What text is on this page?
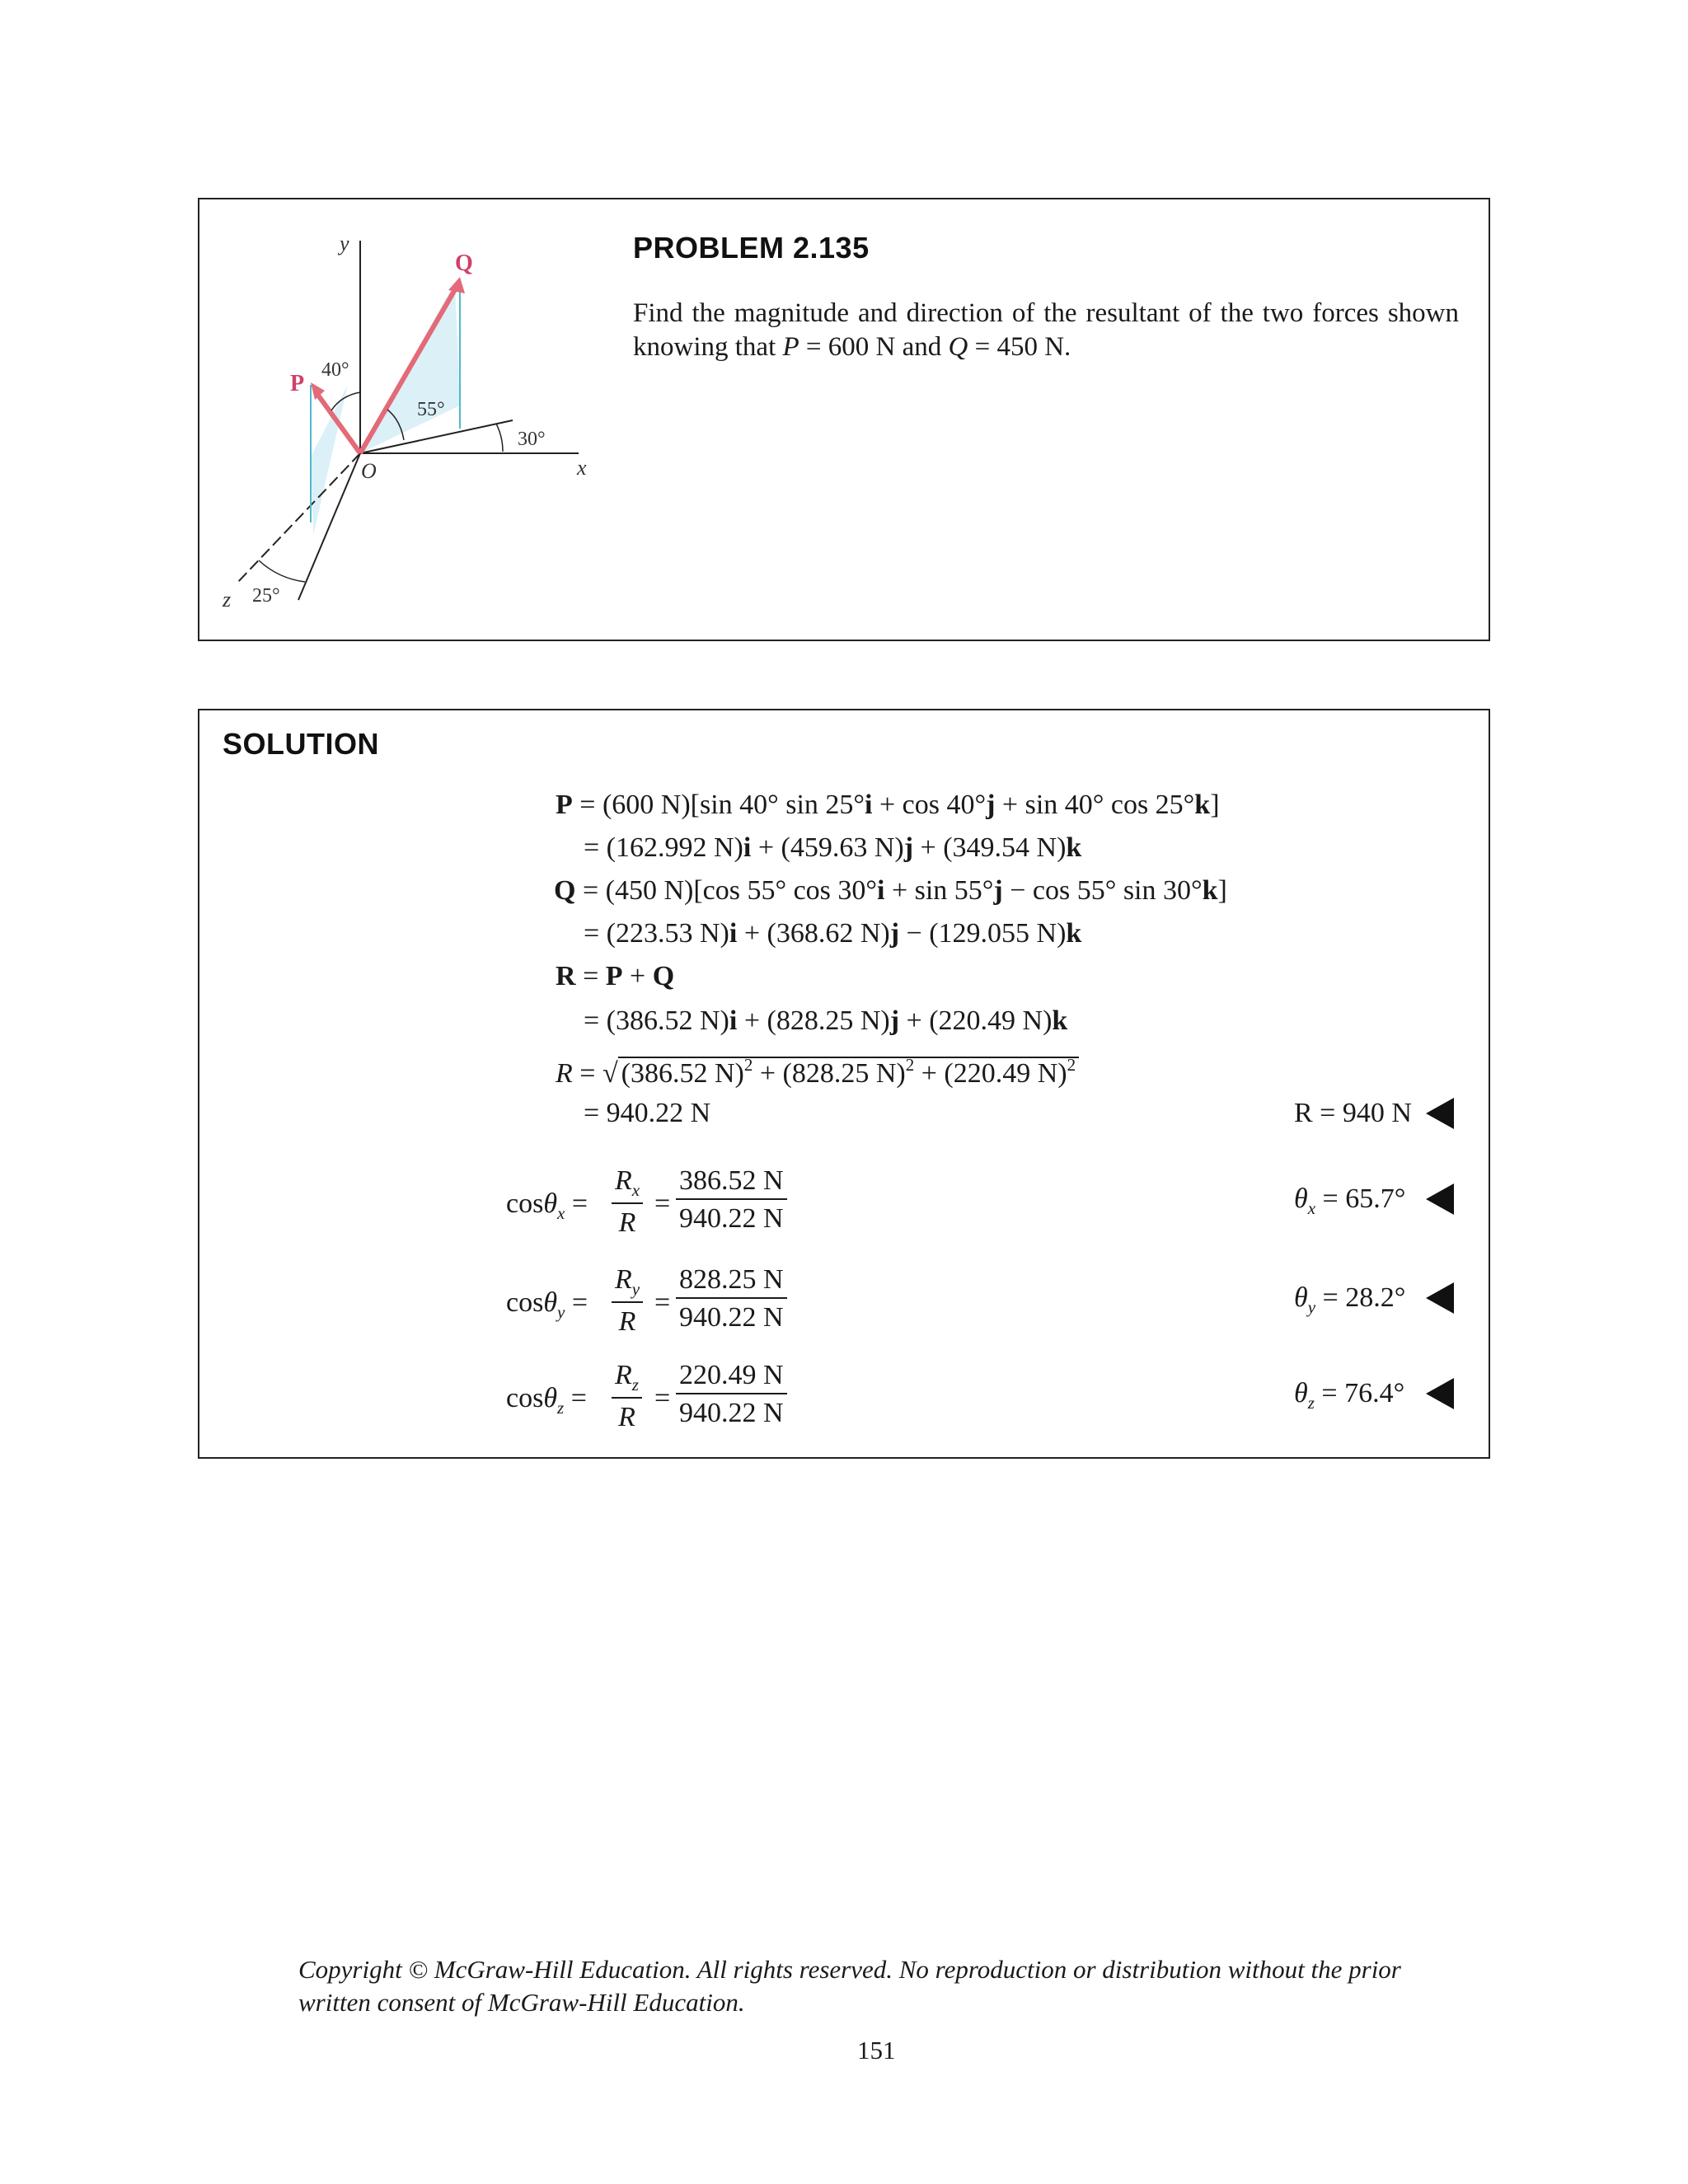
y
x
z
O
P
Q
40°
55°
30°
25°
PROBLEM 2.135
Find the magnitude and direction of the resultant of the two forces shown knowing that P = 600 N and Q = 450 N.
SOLUTION
P = (600 N)[sin 40° sin 25°i + cos 40°j + sin 40° cos 25°k]
= (162.992 N)i + (459.63 N)j + (349.54 N)k
Q = (450 N)[cos 55° cos 30°i + sin 55°j − cos 55° sin 30°k]
= (223.53 N)i + (368.62 N)j − (129.055 N)k
R = P + Q
= (386.52 N)i + (828.25 N)j + (220.49 N)k
R = √ (386.52 N)$^2$ + (828.25 N)$^2$ + (220.49 N)$^2$
= 940.22 N	R = 940 N
$\cos\theta_x = \frac{R_x}{R} = \frac{386.52 N}{940.22 N}$	$\theta_x = 65.7^\circ$
$\cos\theta_y = \frac{R_y}{R} = \frac{828.25 N}{940.22 N}$	$\theta_y = 28.2^\circ$
$\cos\theta_z = \frac{R_z}{R} = \frac{220.49 N}{940.22 N}$	$\theta_z = 76.4^\circ$
Copyright © McGraw-Hill Education. All rights reserved. No reproduction or distribution without the prior written consent of McGraw-Hill Education.
151
